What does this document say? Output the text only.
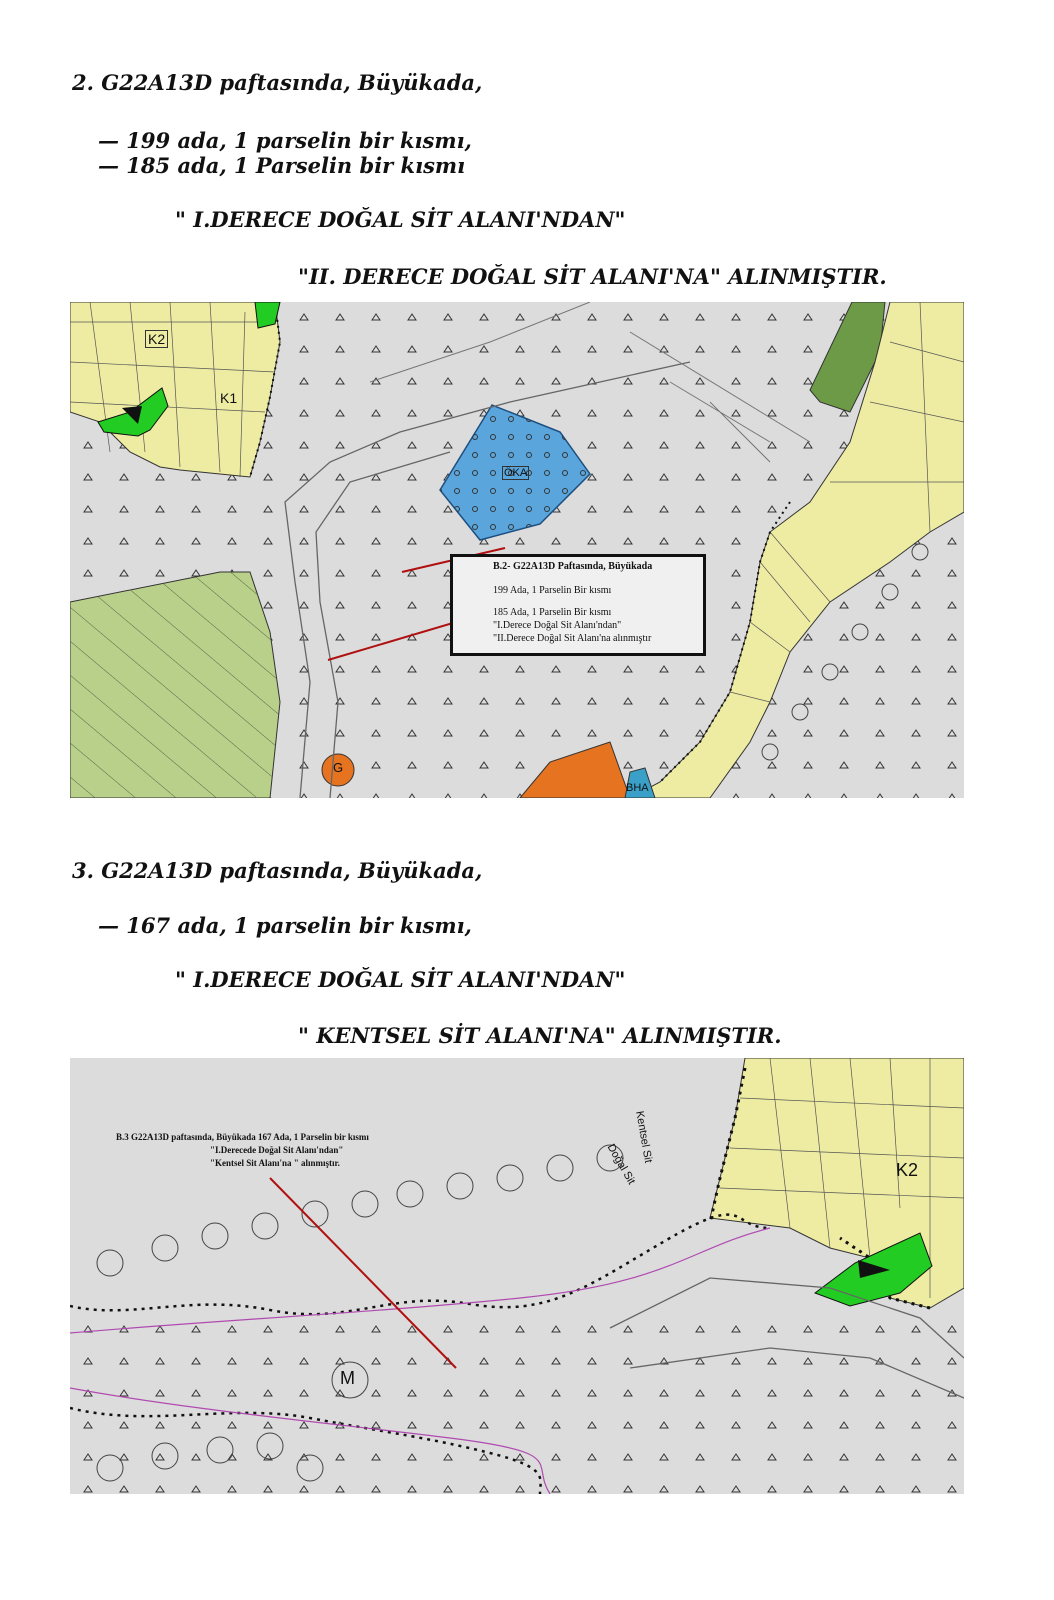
2. G22A13D paftasında, Büyükada,
— 199 ada, 1 parselin bir kısmı,
— 185 ada, 1 Parselin bir kısmı
" I.DERECE DOĞAL SİT ALANI'NDAN"
"II. DERECE DOĞAL SİT ALANI'NA" ALINMIŞTIR.
K2
K1
ÖKA
G
BHA
B.2- G22A13D Paftasında, Büyükada
199 Ada, 1 Parselin Bir kısmı
185 Ada, 1 Parselin Bir kısmı
"I.Derece Doğal Sit Alanı'ndan"
"II.Derece Doğal Sit Alanı'na alınmıştır
3. G22A13D paftasında, Büyükada,
— 167 ada, 1 parselin bir kısmı,
" I.DERECE DOĞAL SİT ALANI'NDAN"
" KENTSEL SİT ALANI'NA" ALINMIŞTIR.
K2
M
Doğal Sit
Kentsel Sit
B.3 G22A13D paftasında, Büyükada 167 Ada, 1 Parselin bir kısmı
"I.Derecede Doğal Sit Alanı'ndan"
"Kentsel Sit Alanı'na " alınmıştır.
